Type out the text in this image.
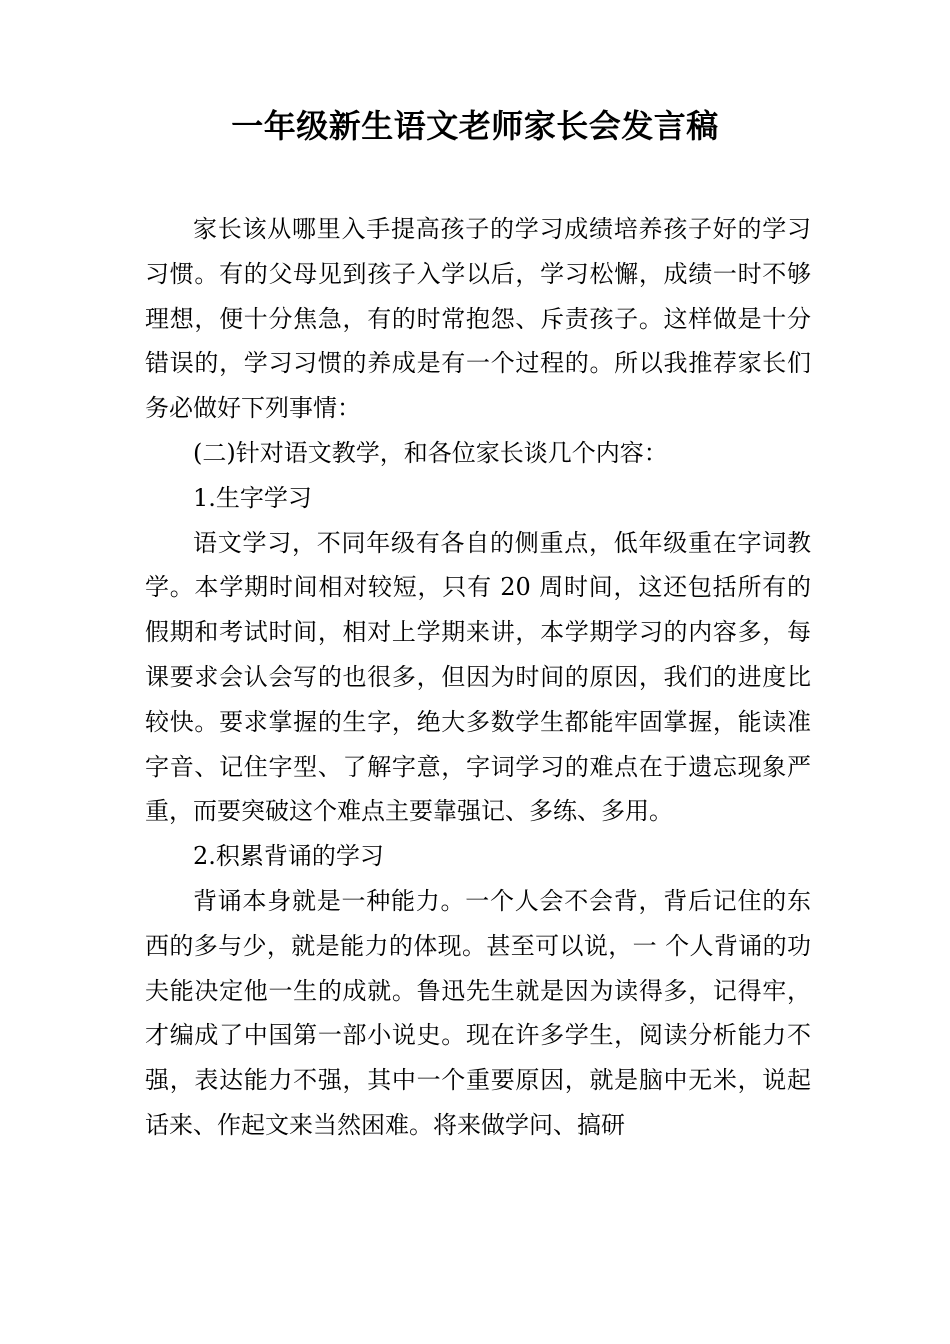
一年级新生语文老师家长会发言稿

家长该从哪里入手提高孩子的学习成绩培养孩子好的学习习惯。有的父母见到孩子入学以后，学习松懈，成绩一时不够理想，便十分焦急，有的时常抱怨、斥责孩子。这样做是十分错误的，学习习惯的养成是有一个过程的。所以我推荐家长们务必做好下列事情：

(二)针对语文教学，和各位家长谈几个内容：

1.生字学习

语文学习，不同年级有各自的侧重点，低年级重在字词教学。本学期时间相对较短，只有 20 周时间，这还包括所有的假期和考试时间，相对上学期来讲，本学期学习的内容多，每课要求会认会写的也很多，但因为时间的原因，我们的进度比较快。要求掌握的生字，绝大多数学生都能牢固掌握，能读准字音、记住字型、了解字意，字词学习的难点在于遗忘现象严重，而要突破这个难点主要靠强记、多练、多用。

2.积累背诵的学习

背诵本身就是一种能力。一个人会不会背，背后记住的东西的多与少，就是能力的体现。甚至可以说，一 个人背诵的功夫能决定他一生的成就。鲁迅先生就是因为读得多，记得牢，才编成了中国第一部小说史。现在许多学生，阅读分析能力不强，表达能力不强，其中一个重要原因，就是脑中无米，说起话来、作起文来当然困难。将来做学问、搞研
